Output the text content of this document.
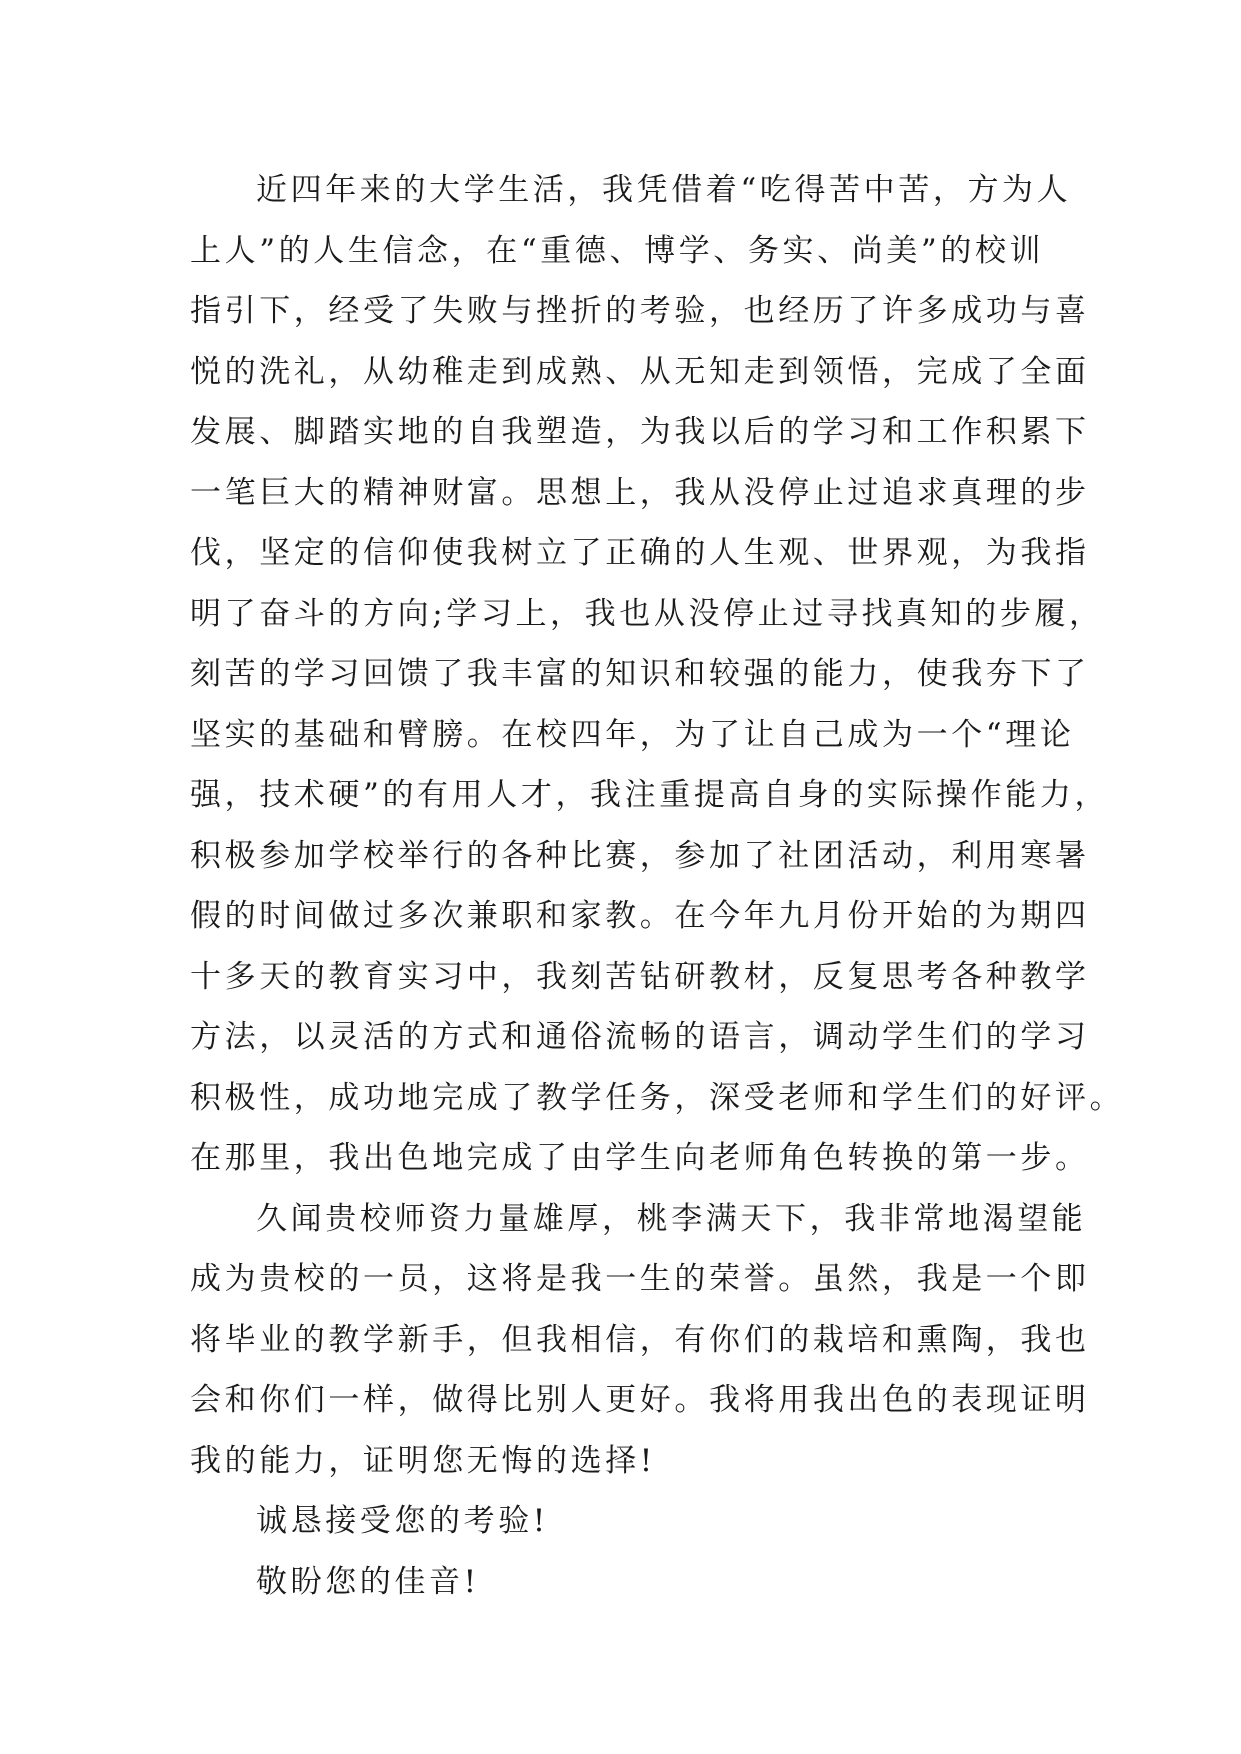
近四年来的大学生活，我凭借着“吃得苦中苦，方为人
上人”的人生信念，在“重德、博学、务实、尚美”的校训
指引下，经受了失败与挫折的考验，也经历了许多成功与喜
悦的洗礼，从幼稚走到成熟、从无知走到领悟，完成了全面
发展、脚踏实地的自我塑造，为我以后的学习和工作积累下
一笔巨大的精神财富。思想上，我从没停止过追求真理的步
伐，坚定的信仰使我树立了正确的人生观、世界观，为我指
明了奋斗的方向;学习上，我也从没停止过寻找真知的步履，
刻苦的学习回馈了我丰富的知识和较强的能力，使我夯下了
坚实的基础和臂膀。在校四年，为了让自己成为一个“理论
强，技术硬”的有用人才，我注重提高自身的实际操作能力，
积极参加学校举行的各种比赛，参加了社团活动，利用寒暑
假的时间做过多次兼职和家教。在今年九月份开始的为期四
十多天的教育实习中，我刻苦钻研教材，反复思考各种教学
方法，以灵活的方式和通俗流畅的语言，调动学生们的学习
积极性，成功地完成了教学任务，深受老师和学生们的好评。
在那里，我出色地完成了由学生向老师角色转换的第一步。
久闻贵校师资力量雄厚，桃李满天下，我非常地渴望能
成为贵校的一员，这将是我一生的荣誉。虽然，我是一个即
将毕业的教学新手，但我相信，有你们的栽培和熏陶，我也
会和你们一样，做得比别人更好。我将用我出色的表现证明
我的能力，证明您无悔的选择!
诚恳接受您的考验!
敬盼您的佳音!
